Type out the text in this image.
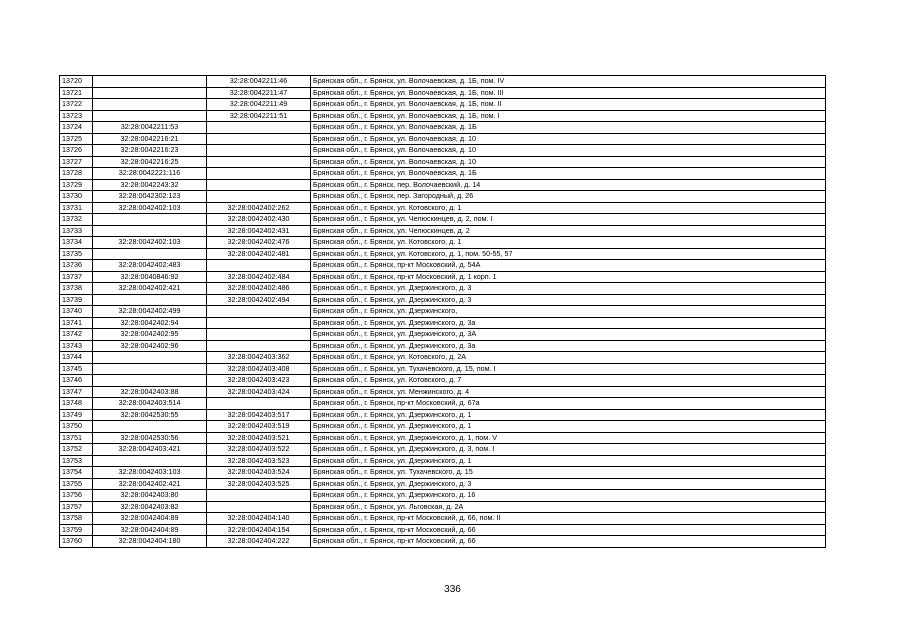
13720		32:28:0042211:46	Брянская обл., г. Брянск, ул. Волочаевская, д. 1Б, пом. IV
13721		32:28:0042211:47	Брянская обл., г. Брянск, ул. Волочаевская, д. 1Б, пом. III
13722		32:28:0042211:49	Брянская обл., г. Брянск, ул. Волочаевская, д. 1Б, пом. II
13723		32:28:0042211:51	Брянская обл., г. Брянск, ул. Волочаевская, д. 1Б, пом. I
13724	32:28:0042211:53		Брянская обл., г. Брянск, ул. Волочаевская, д. 1Б
13725	32:28:0042216:21		Брянская обл., г. Брянск, ул. Волочаевская, д. 10
13726	32:28:0042216:23		Брянская обл., г. Брянск, ул. Волочаевская, д. 10
13727	32:28:0042216:25		Брянская обл., г. Брянск, ул. Волочаевская, д. 10
13728	32:28:0042221:116		Брянская обл., г. Брянск, ул. Волочаевская, д. 1Б
13729	32:28:0042243:32		Брянская обл., г. Брянск, пер. Волочаевский, д. 14
13730	32:28:0042302:123		Брянская обл., г. Брянск, пер. Загородный, д. 26
13731	32:28:0042402:103	32:28:0042402:262	Брянская обл., г. Брянск, ул. Котовского, д. 1
13732		32:28:0042402:430	Брянская обл., г. Брянск, ул. Челюскинцев, д. 2, пом. I
13733		32:28:0042402:431	Брянская обл., г. Брянск, ул. Челюскинцев, д. 2
13734	32:28:0042402:103	32:28:0042402:476	Брянская обл., г. Брянск, ул. Котовского, д. 1
13735		32:28:0042402:481	Брянская обл., г. Брянск, ул. Котовского, д. 1, пом. 50-55, 57
13736	32:28:0042402:483		Брянская обл., г. Брянск, пр-кт Московский, д. 54А
13737	32:28:0040846:92	32:28:0042402:484	Брянская обл., г. Брянск, пр-кт Московский, д. 1 корп. 1
13738	32:28:0042402:421	32:28:0042402:486	Брянская обл., г. Брянск, ул. Дзержинского, д. 3
13739		32:28:0042402:494	Брянская обл., г. Брянск, ул. Дзержинского, д. 3
13740	32:28:0042402:499		Брянская обл., г. Брянск, ул. Дзержинского,
13741	32:28:0042402:94		Брянская обл., г. Брянск, ул. Дзержинского, д. 3а
13742	32:28:0042402:95		Брянская обл., г. Брянск, ул. Дзержинского, д. 3А
13743	32:28:0042402:96		Брянская обл., г. Брянск, ул. Дзержинского, д. 3а
13744		32:28:0042403:362	Брянская обл., г. Брянск, ул. Котовского, д. 2А
13745		32:28:0042403:408	Брянская обл., г. Брянск, ул. Тухачевского, д. 15, пом. I
13746		32:28:0042403:423	Брянская обл., г. Брянск, ул. Котовского, д. 7
13747	32:28:0042403:88	32:28:0042403:424	Брянская обл., г. Брянск, ул. Менжинского, д. 4
13748	32:28:0042403:514		Брянская обл., г. Брянск, пр-кт Московский, д. 67а
13749	32:28:0042530:55	32:28:0042403:517	Брянская обл., г. Брянск, ул. Дзержинского, д. 1
13750		32:28:0042403:519	Брянская обл., г. Брянск, ул. Дзержинского, д. 1
13751	32:28:0042530:56	32:28:0042403:521	Брянская обл., г. Брянск, ул. Дзержинского, д. 1, пом. V
13752	32:28:0042403:421	32:28:0042403:522	Брянская обл., г. Брянск, ул. Дзержинского, д. 3, пом. I
13753		32:28:0042403:523	Брянская обл., г. Брянск, ул. Дзержинского, д. 1
13754	32:28:0042403:103	32:28:0042403:524	Брянская обл., г. Брянск, ул. Тухачевского, д. 15
13755	32:28:0042402:421	32:28:0042403:525	Брянская обл., г. Брянск, ул. Дзержинского, д. 3
13756	32:28:0042403:80		Брянская обл., г. Брянск, ул. Дзержинского, д. 16
13757	32:28:0042403:82		Брянская обл., г. Брянск, ул. Льговская, д. 2А
13758	32:28:0042404:89	32:28:0042404:140	Брянская обл., г. Брянск, пр-кт Московский, д. 66, пом. II
13759	32:28:0042404:89	32:28:0042404:154	Брянская обл., г. Брянск, пр-кт Московский, д. 66
13760	32:28:0042404:180	32:28:0042404:222	Брянская обл., г. Брянск, пр-кт Московский, д. 66
336
